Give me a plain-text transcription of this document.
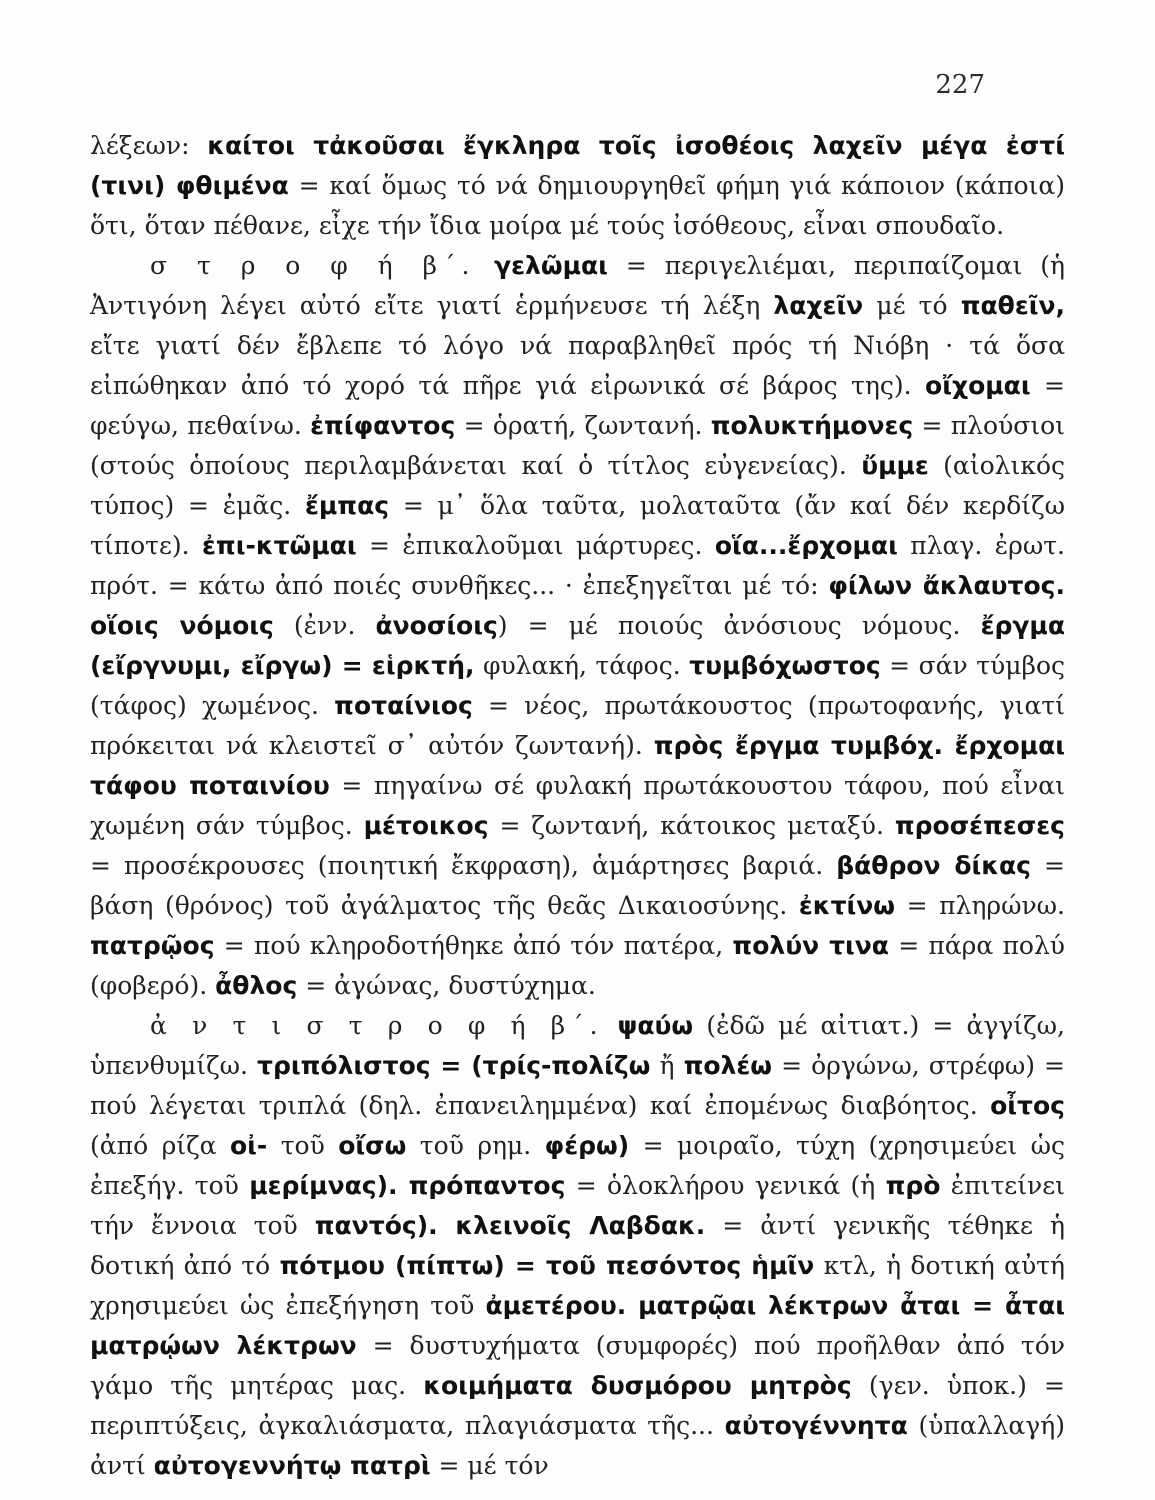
227

λέξεων: καίτοι τἀκοῦσαι ἔγκληρα τοῖς ἰσοθέοις λαχεῖν μέγα ἐστί (τινι) φθιμένα = καί ὅμως τό νά δημιουργηθεῖ φήμη γιά κάποιον (κάποια) ὅτι, ὅταν πέθανε, εἶχε τήν ἴδια μοίρα μέ τούς ἰσόθεους, εἶναι σπουδαῖο.

σ τ ρ ο φ ή β΄. γελῶμαι = περιγελιέμαι, περιπαίζομαι (ἡ Ἀντιγόνη λέγει αὐτό εἴτε γιατί ἑρμήνευσε τή λέξη λαχεῖν μέ τό παθεῖν, εἴτε γιατί δέν ἔβλεπε τό λόγο νά παραβληθεῖ πρός τή Νιόβη · τά ὅσα εἰπώθηκαν ἀπό τό χορό τά πῆρε γιά εἰρωνικά σέ βάρος της). οἴχομαι = φεύγω, πεθαίνω. ἐπίφαντος = ὁρατή, ζωντανή. πολυκτήμονες = πλούσιοι (στούς ὁποίους περιλαμβάνεται καί ὁ τίτλος εὐγενείας). ὔμμε (αἰολικός τύπος) = ἐμᾶς. ἔμπας = μ᾿ ὅλα ταῦτα, μολαταῦτα (ἄν καί δέν κερδίζω τίποτε). ἐπι-κτῶμαι = ἐπικαλοῦμαι μάρτυρες. οἵα...ἔρχομαι πλαγ. ἐρωτ. πρότ. = κάτω ἀπό ποιές συνθῆκες... · ἐπεξηγεῖται μέ τό: φίλων ἄκλαυτος. οἵοις νόμοις (ἐνν. ἀνοσίοις) = μέ ποιούς ἀνόσιους νόμους. ἔργμα (εἴργνυμι, εἴργω) = εἱρκτή, φυλακή, τάφος. τυμβόχωστος = σάν τύμβος (τάφος) χωμένος. ποταίνιος = νέος, πρωτάκουστος (πρωτοφανής, γιατί πρόκειται νά κλειστεῖ σ᾿ αὐτόν ζωντανή). πρὸς ἔργμα τυμβόχ. ἔρχομαι τάφου ποταινίου = πηγαίνω σέ φυλακή πρωτάκουστου τάφου, πού εἶναι χωμένη σάν τύμβος. μέτοικος = ζωντανή, κάτοικος μεταξύ. προσέπεσες = προσέκρουσες (ποιητική ἔκφραση), ἁμάρτησες βαριά. βάθρον δίκας = βάση (θρόνος) τοῦ ἀγάλματος τῆς θεᾶς Δικαιοσύνης. ἐκτίνω = πληρώνω. πατρῷος = πού κληροδοτήθηκε ἀπό τόν πατέρα, πολύν τινα = πάρα πολύ (φοβερό). ἆθλος = ἀγώνας, δυστύχημα.

ἀ ν τ ι σ τ ρ ο φ ή β΄. ψαύω (ἐδῶ μέ αἰτιατ.) = ἀγγίζω, ὑπενθυμίζω. τριπόλιστος = (τρίς-πολίζω ἤ πολέω = ὀργώνω, στρέφω) = πού λέγεται τριπλά (δηλ. ἐπανειλημμένα) καί ἐπομένως διαβόητος. οἶτος (ἀπό ρίζα οἰ- τοῦ οἴσω τοῦ ρημ. φέρω) = μοιραῖο, τύχη (χρησιμεύει ὡς ἐπεξήγ. τοῦ μερίμνας). πρόπαντος = ὁλοκλήρου γενικά (ἡ πρὸ ἐπιτείνει τήν ἔννοια τοῦ παντός). κλεινοῖς Λαβδακ. = ἀντί γενικῆς τέθηκε ἡ δοτική ἀπό τό πότμου (πίπτω) = τοῦ πεσόντος ἡμῖν κτλ, ἡ δοτική αὐτή χρησιμεύει ὡς ἐπεξήγηση τοῦ ἀμετέρου. ματρῷαι λέκτρων ἆται = ἆται ματρῴων λέκτρων = δυστυχήματα (συμφορές) πού προῆλθαν ἀπό τόν γάμο τῆς μητέρας μας. κοιμήματα δυσμόρου μητρὸς (γεν. ὑποκ.) = περιπτύξεις, ἀγκαλιάσματα, πλαγιάσματα τῆς... αὐτογέννητα (ὑπαλλαγή) ἀντί αὐτογεννήτῳ πατρὶ = μέ τόν
